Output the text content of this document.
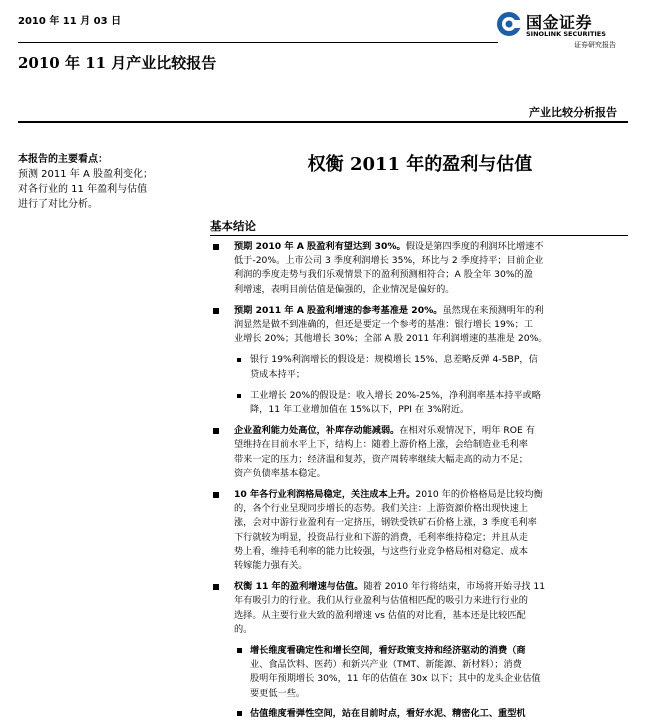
2010 年 11 月 03 日	国金证券
SINOLINK SECURITIES
证券研究报告
2010 年 11 月产业比较报告
产业比较分析报告
本报告的主要看点：
预测 2011 年 A 股盈利变化；
对各行业的 11 年盈利与估值
进行了对比分析。
权衡 2011 年的盈利与估值
基本结论
预期 2010 年 A 股盈利有望达到 30%。假设是第四季度的利润环比增速不
低于-20%。上市公司 3 季度利润增长 35%，环比与 2 季度持平；目前企业
利润的季度走势与我们乐观情景下的盈利预测相符合；A 股全年 30%的盈
利增速，表明目前估值是偏强的，企业情况是偏好的。
预期 2011 年 A 股盈利增速的参考基准是 20%。虽然现在来预测明年的利
润显然是做不到准确的，但还是要定一个参考的基准：银行增长 19%；工
业增长 20%；其他增长 30%；全部 A 股 2011 年利润增速的基准是 20%。
银行 19%利润增长的假设是：规模增长 15%、息差略反弹 4-5BP，信
贷成本持平；
工业增长 20%的假设是：收入增长 20%-25%，净利润率基本持平或略
降，11 年工业增加值在 15%以下，PPI 在 3%附近。
企业盈利能力处高位，补库存动能减弱。在相对乐观情况下，明年 ROE 有
望维持在目前水平上下，结构上：随着上游价格上涨，会给制造业毛利率
带来一定的压力；经济温和复苏，资产周转率继续大幅走高的动力不足；
资产负债率基本稳定。
10 年各行业利润格局稳定，关注成本上升。2010 年的价格格局是比较均衡
的，各个行业呈现同步增长的态势。我们关注：上游资源价格出现快速上
涨，会对中游行业盈利有一定挤压，钢铁受铁矿石价格上涨，3 季度毛利率
下行就较为明显，投资品行业和下游的消费，毛利率维持稳定；并且从走
势上看，维持毛利率的能力比较强，与这些行业竞争格局相对稳定、成本
转嫁能力强有关。
权衡 11 年的盈利增速与估值。随着 2010 年行将结束，市场将开始寻找 11
年有吸引力的行业。我们从行业盈利与估值相匹配的吸引力来进行行业的
选择。从主要行业大致的盈利增速 vs 估值的对比看，基本还是比较匹配
的。
增长维度看确定性和增长空间，看好政策支持和经济驱动的消费（商
业、食品饮料、医药）和新兴产业（TMT、新能源、新材料）；消费
股明年预期增长 30%，11 年的估值在 30x 以下；其中的龙头企业估值
要更低一些。
估值维度看弹性空间，站在目前时点，看好水泥、精密化工、重型机
